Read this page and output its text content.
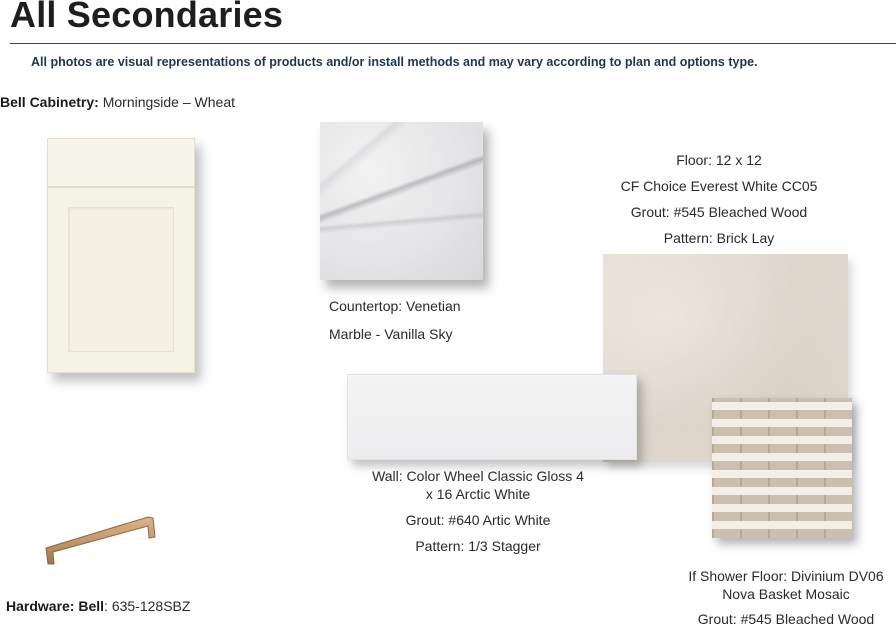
All Secondaries
All photos are visual representations of products and/or install methods and may vary according to plan and options type.
Bell Cabinetry: Morningside – Wheat
Countertop: Venetian
Marble - Vanilla Sky
Floor: 12 x 12
CF Choice Everest White CC05
Grout: #545 Bleached Wood
Pattern: Brick Lay
Wall: Color Wheel Classic Gloss 4
x 16 Arctic White
Grout: #640 Artic White
Pattern: 1/3 Stagger
If Shower Floor: Divinium DV06
Nova Basket Mosaic
Grout: #545 Bleached Wood
Hardware: Bell: 635-128SBZ
